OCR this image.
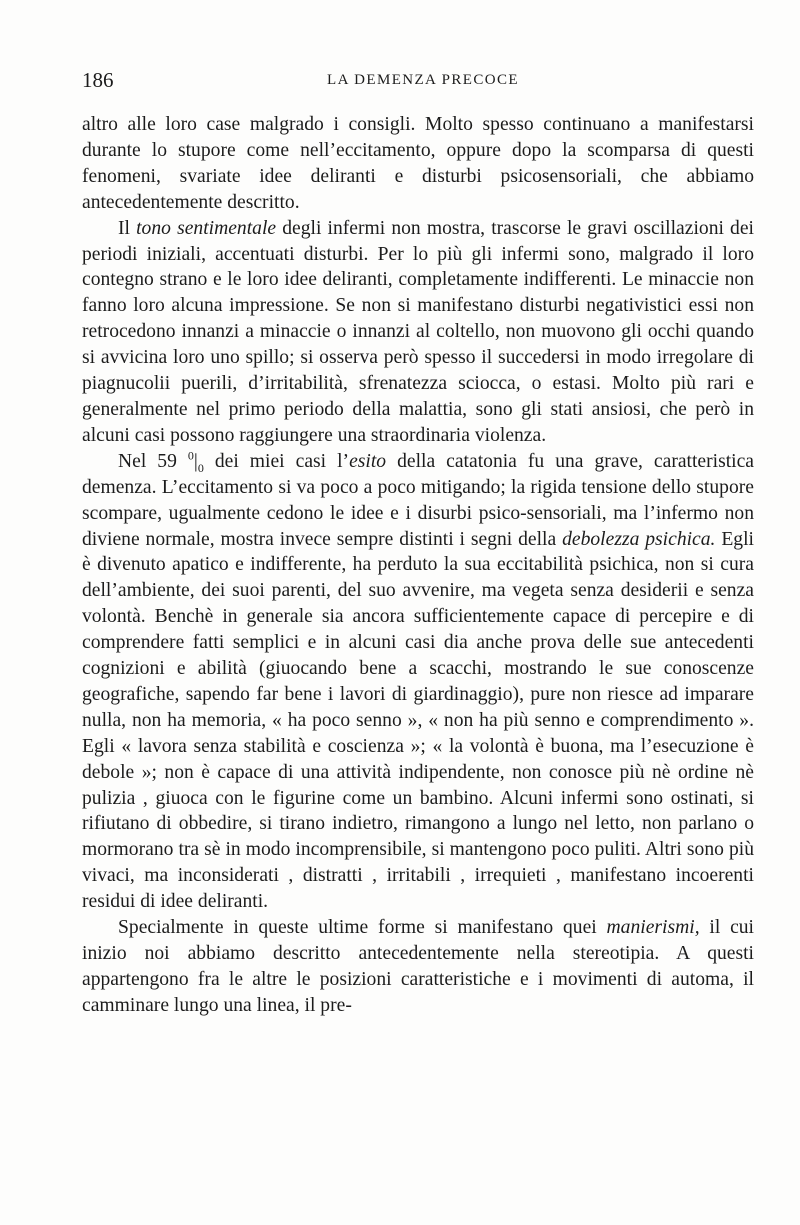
186	LA DEMENZA PRECOCE

altro alle loro case malgrado i consigli. Molto spesso continuano a manifestarsi durante lo stupore come nell’eccitamento, oppure dopo la scomparsa di questi fenomeni, svariate idee deliranti e disturbi psicosensoriali, che abbiamo antecedentemente descritto.

Il tono sentimentale degli infermi non mostra, trascorse le gravi oscillazioni dei periodi iniziali, accentuati disturbi. Per lo più gli infermi sono, malgrado il loro contegno strano e le loro idee deliranti, completamente indifferenti. Le minaccie non fanno loro alcuna impressione. Se non si manifestano disturbi negativistici essi non retrocedono innanzi a minaccie o innanzi al coltello, non muovono gli occhi quando si avvicina loro uno spillo; si osserva però spesso il succedersi in modo irregolare di piagnucolii puerili, d’irritabilità, sfrenatezza sciocca, o estasi. Molto più rari e generalmente nel primo periodo della malattia, sono gli stati ansiosi, che però in alcuni casi possono raggiungere una straordinaria violenza.

Nel 59 $^0|_0$ dei miei casi l’esito della catatonia fu una grave, caratteristica demenza. L’eccitamento si va poco a poco mitigando; la rigida tensione dello stupore scompare, ugualmente cedono le idee e i disurbi psico-sensoriali, ma l’infermo non diviene normale, mostra invece sempre distinti i segni della debolezza psichica. Egli è divenuto apatico e indifferente, ha perduto la sua eccitabilità psichica, non si cura dell’ambiente, dei suoi parenti, del suo avvenire, ma vegeta senza desiderii e senza volontà. Benchè in generale sia ancora sufficientemente capace di percepire e di comprendere fatti semplici e in alcuni casi dia anche prova delle sue antecedenti cognizioni e abilità (giuocando bene a scacchi, mostrando le sue conoscenze geografiche, sapendo far bene i lavori di giardinaggio), pure non riesce ad imparare nulla, non ha memoria, « ha poco senno », « non ha più senno e comprendimento ». Egli « lavora senza stabilità e coscienza »; « la volontà è buona, ma l’esecuzione è debole »; non è capace di una attività indipendente, non conosce più nè ordine nè pulizia , giuoca con le figurine come un bambino. Alcuni infermi sono ostinati, si rifiutano di obbedire, si tirano indietro, rimangono a lungo nel letto, non parlano o mormorano tra sè in modo incomprensibile, si mantengono poco puliti. Altri sono più vivaci, ma inconsiderati , distratti , irritabili , irrequieti , manifestano incoerenti residui di idee deliranti.

Specialmente in queste ultime forme si manifestano quei manierismi, il cui inizio noi abbiamo descritto antecedentemente nella stereotipia. A questi appartengono fra le altre le posizioni caratteristiche e i movimenti di automa, il camminare lungo una linea, il pre-
